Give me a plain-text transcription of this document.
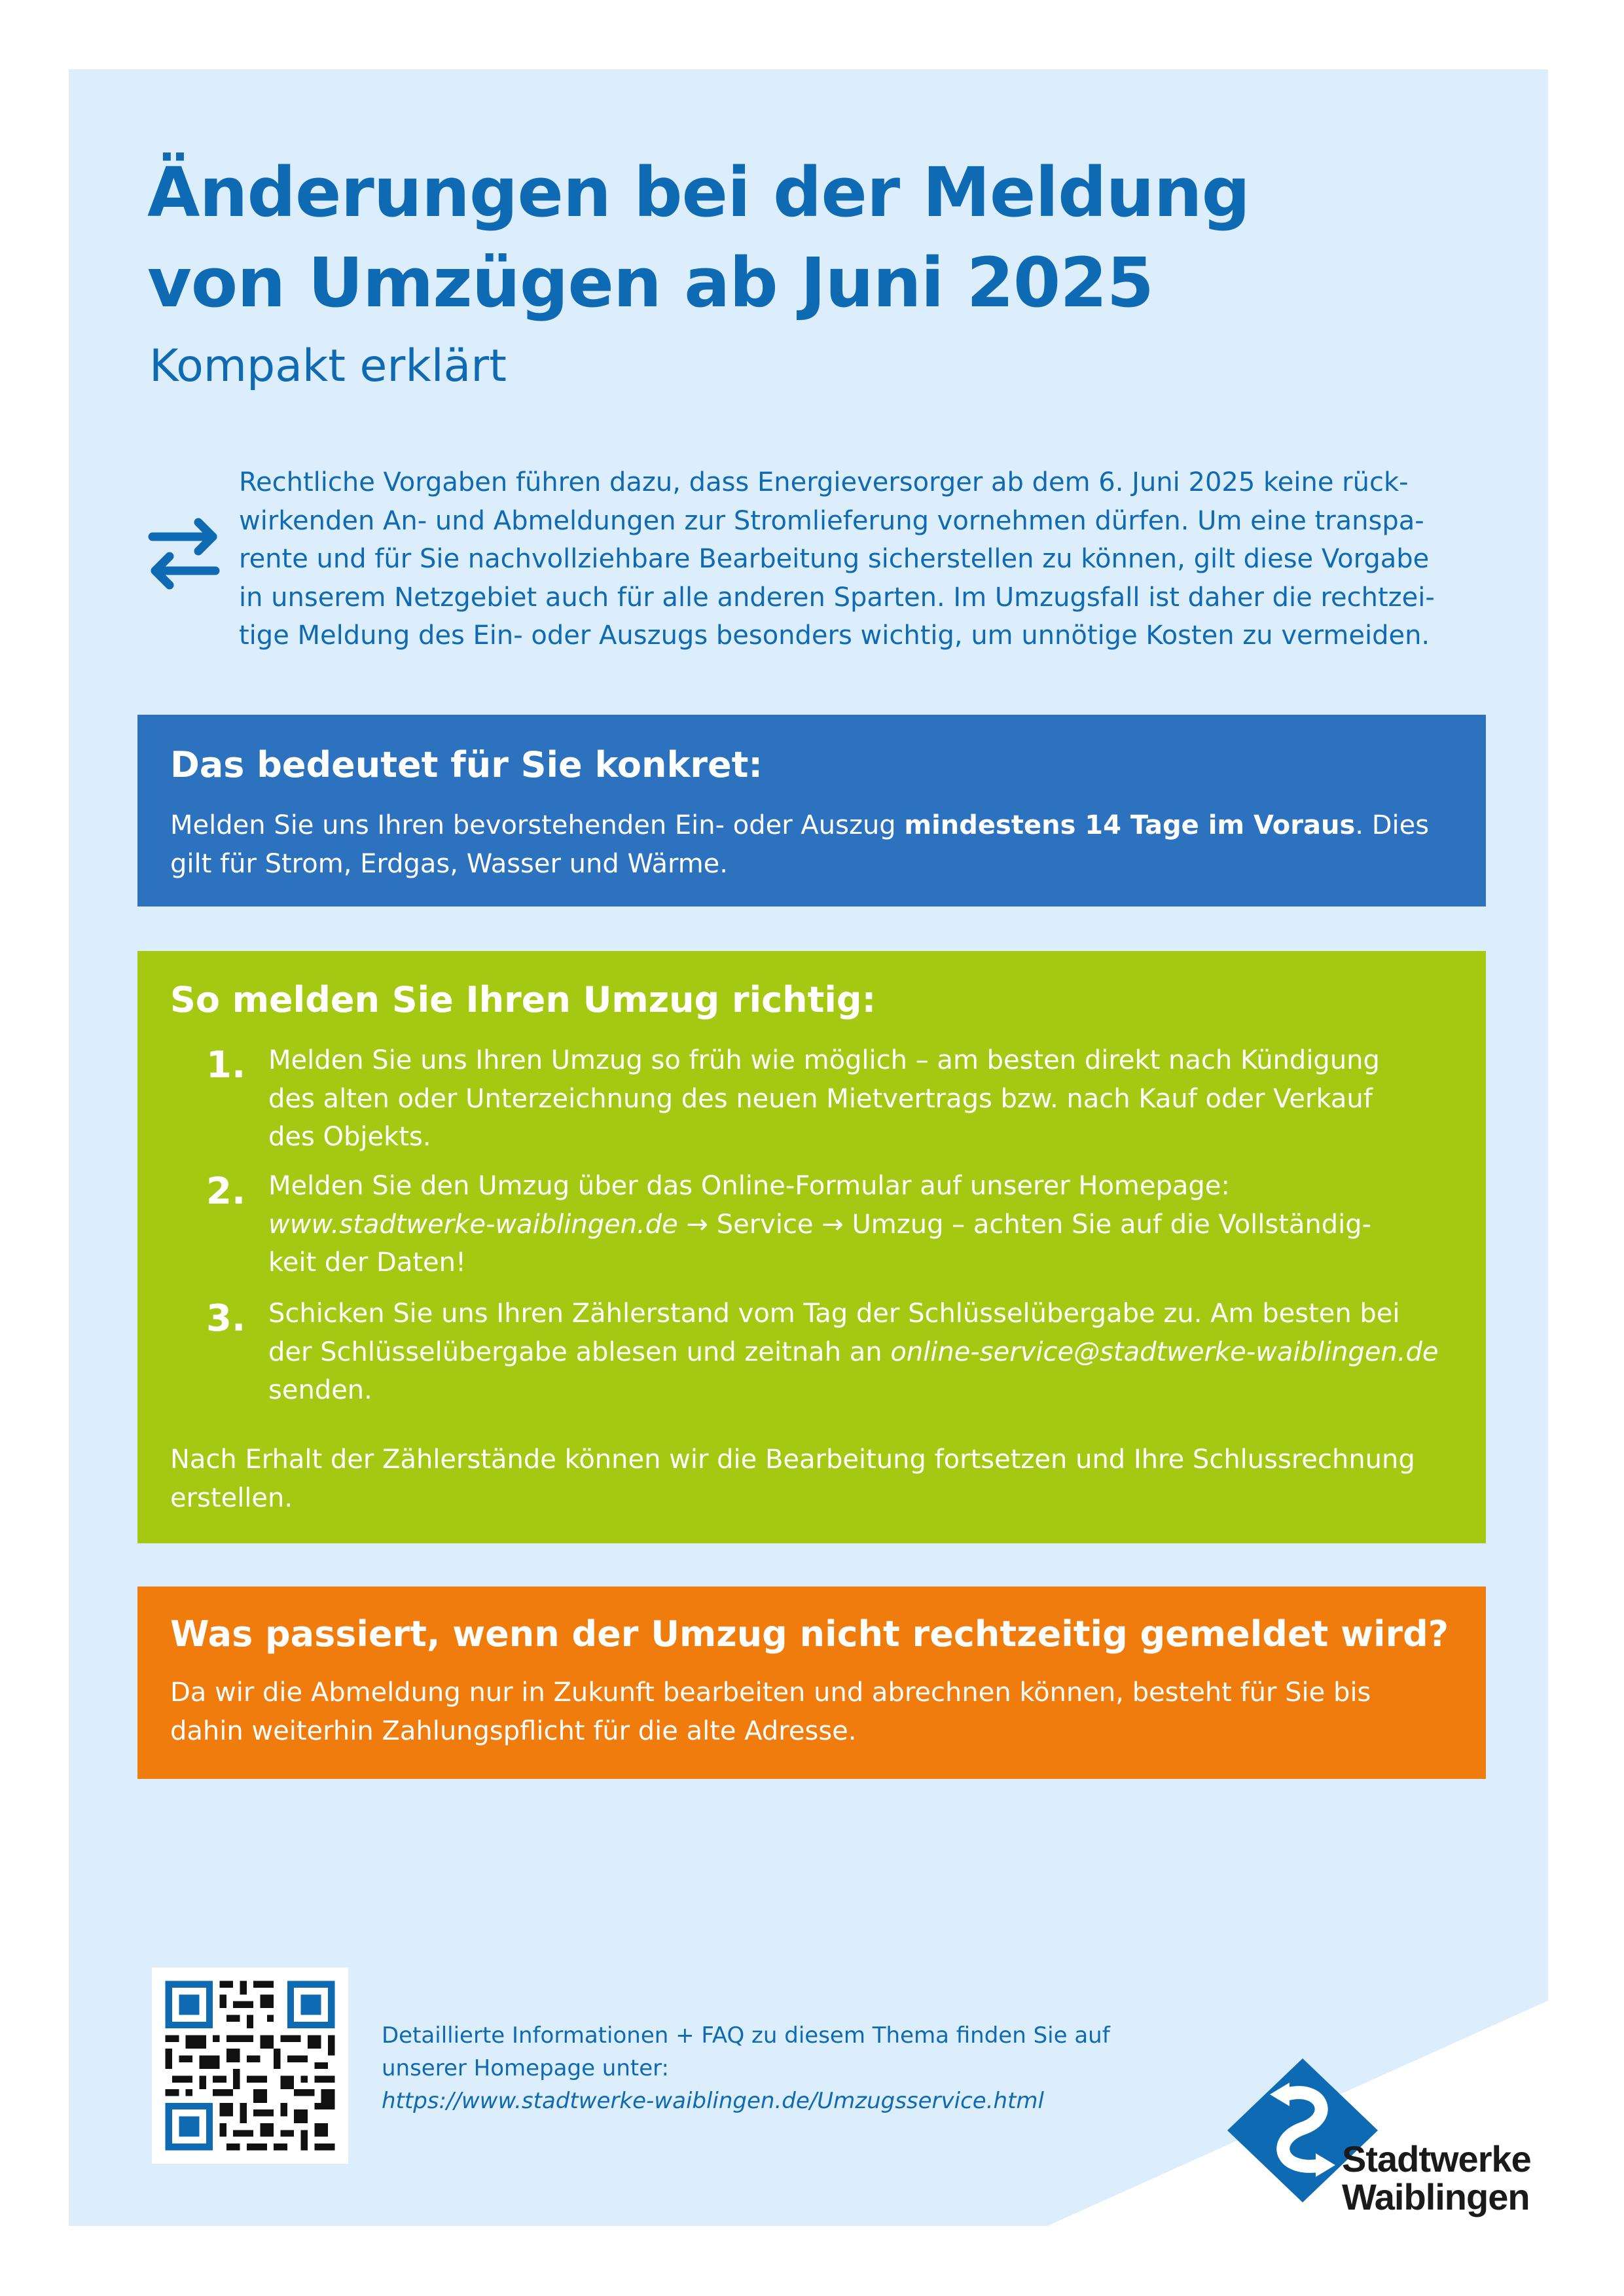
Änderungen bei der Meldung
von Umzügen ab Juni 2025
Kompakt erklärt
Rechtliche Vorgaben führen dazu, dass Energieversorger ab dem 6. Juni 2025 keine rück-
wirkenden An- und Abmeldungen zur Stromlieferung vornehmen dürfen. Um eine transpa-
rente und für Sie nachvollziehbare Bearbeitung sicherstellen zu können, gilt diese Vorgabe
in unserem Netzgebiet auch für alle anderen Sparten. Im Umzugsfall ist daher die rechtzei-
tige Meldung des Ein- oder Auszugs besonders wichtig, um unnötige Kosten zu vermeiden.
Das bedeutet für Sie konkret:
Melden Sie uns Ihren bevorstehenden Ein- oder Auszug mindestens 14 Tage im Voraus. Dies
gilt für Strom, Erdgas, Wasser und Wärme.
So melden Sie Ihren Umzug richtig:
1. Melden Sie uns Ihren Umzug so früh wie möglich – am besten direkt nach Kündigung
des alten oder Unterzeichnung des neuen Mietvertrags bzw. nach Kauf oder Verkauf
des Objekts.
2. Melden Sie den Umzug über das Online-Formular auf unserer Homepage:
www.stadtwerke-waiblingen.de → Service → Umzug – achten Sie auf die Vollständig-
keit der Daten!
3. Schicken Sie uns Ihren Zählerstand vom Tag der Schlüsselübergabe zu. Am besten bei
der Schlüsselübergabe ablesen und zeitnah an online-service@stadtwerke-waiblingen.de
senden.
Nach Erhalt der Zählerstände können wir die Bearbeitung fortsetzen und Ihre Schlussrechnung
erstellen.
Was passiert, wenn der Umzug nicht rechtzeitig gemeldet wird?
Da wir die Abmeldung nur in Zukunft bearbeiten und abrechnen können, besteht für Sie bis
dahin weiterhin Zahlungspflicht für die alte Adresse.
Detaillierte Informationen + FAQ zu diesem Thema finden Sie auf
unserer Homepage unter:
https://www.stadtwerke-waiblingen.de/Umzugsservice.html
Stadtwerke
Waiblingen
